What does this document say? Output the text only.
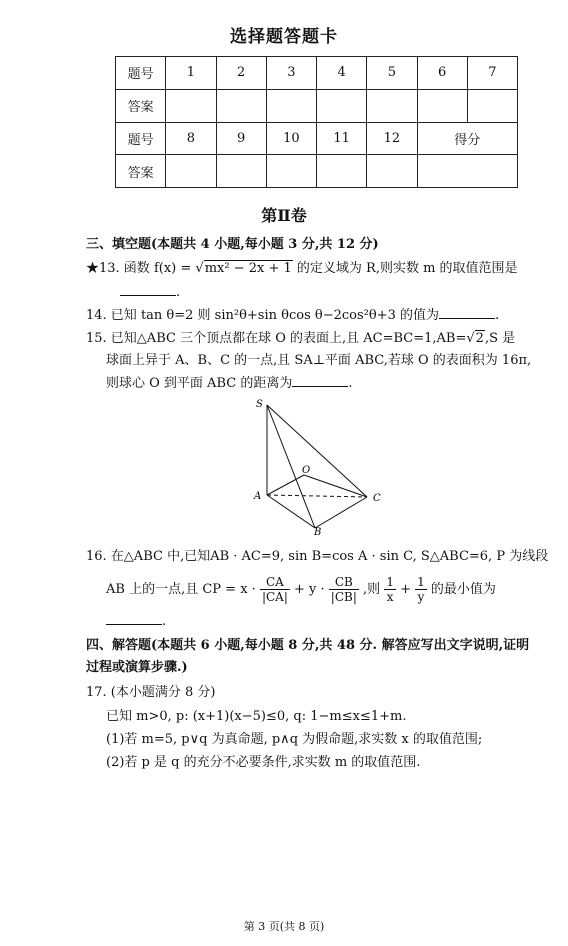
选择题答题卡
题号	1	2	3	4	5	6	7
答案							
题号	8	9	10	11	12	得分	
答案							
第Ⅱ卷
三、填空题(本题共 4 小题,每小题 3 分,共 12 分)
★13. 函数 f(x) = √mx² − 2x + 1 的定义域为 R,则实数 m 的取值范围是
.
14. 已知 tan θ=2 则 sin²θ+sin θcos θ−2cos²θ+3 的值为	.
15. 已知△ABC 三个顶点都在球 O 的表面上,且 AC=BC=1,AB=√2,S 是
球面上异于 A、B、C 的一点,且 SA⊥平面 ABC,若球 O 的表面积为 16π,
则球心 O 到平面 ABC 的距离为	.
S
O
A	C
B
16. 在△ABC 中,已知AB · AC=9, sin B=cos A · sin C, S△ABC=6, P 为线段
AB 上的一点,且 CP = $x \cdot \frac{CA}{|CA|} + y \cdot \frac{CB}{|CB|}$ ,则 $\frac{1}{x} + \frac{1}{y}$ 的最小值为
.
四、解答题(本题共 6 小题,每小题 8 分,共 48 分. 解答应写出文字说明,证明
过程或演算步骤.)
17. (本小题满分 8 分)
已知 m>0, p: (x+1)(x−5)≤0, q: 1−m≤x≤1+m.
(1)若 m=5, p∨q 为真命题, p∧q 为假命题,求实数 x 的取值范围;
(2)若 p 是 q 的充分不必要条件,求实数 m 的取值范围.
第 3 页(共 8 页)
